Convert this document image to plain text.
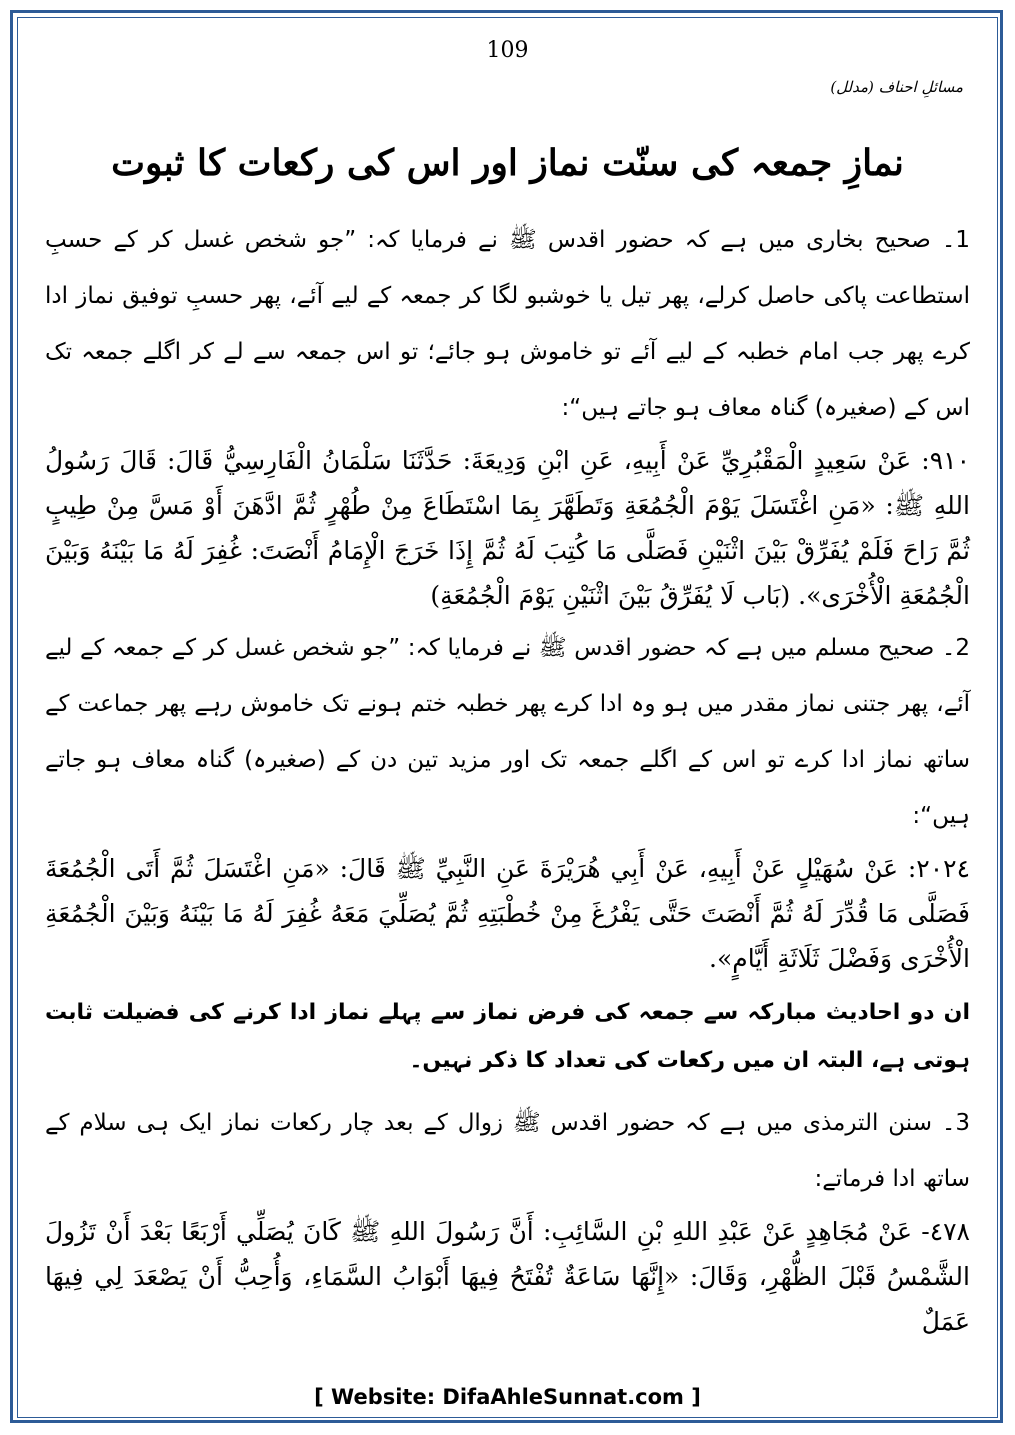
109
مسائلِ احناف (مدلل)
نمازِ جمعہ کی سنّت نماز اور اس کی رکعات کا ثبوت

1۔ صحیح بخاری میں ہے کہ حضور اقدس ﷺ نے فرمایا کہ: ”جو شخص غسل کر کے حسبِ استطاعت پاکی حاصل کرلے، پھر تیل یا خوشبو لگا کر جمعہ کے لیے آئے، پھر حسبِ توفیق نماز ادا کرے پھر جب امام خطبہ کے لیے آئے تو خاموش ہو جائے؛ تو اس جمعہ سے لے کر اگلے جمعہ تک اس کے (صغیرہ) گناہ معاف ہو جاتے ہیں“:

٩١٠: عَنْ سَعِيدٍ الْمَقْبُرِيِّ عَنْ أَبِيهِ، عَنِ ابْنِ وَدِيعَةَ: حَدَّثَنَا سَلْمَانُ الْفَارِسِيُّ قَالَ: قَالَ رَسُولُ اللهِ ﷺ: «مَنِ اغْتَسَلَ يَوْمَ الْجُمُعَةِ وَتَطَهَّرَ بِمَا اسْتَطَاعَ مِنْ طُهْرٍ ثُمَّ ادَّهَنَ أَوْ مَسَّ مِنْ طِيبٍ ثُمَّ رَاحَ فَلَمْ يُفَرِّقْ بَيْنَ اثْنَيْنِ فَصَلَّى مَا كُتِبَ لَهُ ثُمَّ إِذَا خَرَجَ الْإِمَامُ أَنْصَتَ: غُفِرَ لَهُ مَا بَيْنَهُ وَبَيْنَ الْجُمُعَةِ الْأُخْرَى». (بَاب لَا يُفَرِّقُ بَيْنَ اثْنَيْنِ يَوْمَ الْجُمُعَةِ)

2۔ صحیح مسلم میں ہے کہ حضور اقدس ﷺ نے فرمایا کہ: ”جو شخص غسل کر کے جمعہ کے لیے آئے، پھر جتنی نماز مقدر میں ہو وہ ادا کرے پھر خطبہ ختم ہونے تک خاموش رہے پھر جماعت کے ساتھ نماز ادا کرے تو اس کے اگلے جمعہ تک اور مزید تین دن کے (صغیرہ) گناہ معاف ہو جاتے ہیں“:

٢٠٢٤: عَنْ سُهَيْلٍ عَنْ أَبِيهِ، عَنْ أَبِي هُرَيْرَةَ عَنِ النَّبِيِّ ﷺ قَالَ: «مَنِ اغْتَسَلَ ثُمَّ أَتَى الْجُمُعَةَ فَصَلَّى مَا قُدِّرَ لَهُ ثُمَّ أَنْصَتَ حَتَّى يَفْرُغَ مِنْ خُطْبَتِهِ ثُمَّ يُصَلِّيَ مَعَهُ غُفِرَ لَهُ مَا بَيْنَهُ وَبَيْنَ الْجُمُعَةِ الْأُخْرَى وَفَضْلَ ثَلَاثَةِ أَيَّامٍ».

ان دو احادیث مبارکہ سے جمعہ کی فرض نماز سے پہلے نماز ادا کرنے کی فضیلت ثابت ہوتی ہے، البتہ ان میں رکعات کی تعداد کا ذکر نہیں۔

3۔ سنن الترمذی میں ہے کہ حضور اقدس ﷺ زوال کے بعد چار رکعات نماز ایک ہی سلام کے ساتھ ادا فرماتے:

٤٧٨- عَنْ مُجَاهِدٍ عَنْ عَبْدِ اللهِ بْنِ السَّائِبِ: أَنَّ رَسُولَ اللهِ ﷺ كَانَ يُصَلِّي أَرْبَعًا بَعْدَ أَنْ تَزُولَ الشَّمْسُ قَبْلَ الظُّهْرِ، وَقَالَ: «إِنَّهَا سَاعَةٌ تُفْتَحُ فِيهَا أَبْوَابُ السَّمَاءِ، وَأُحِبُّ أَنْ يَصْعَدَ لِي فِيهَا عَمَلٌ

[ Website: DifaAhleSunnat.com ]
